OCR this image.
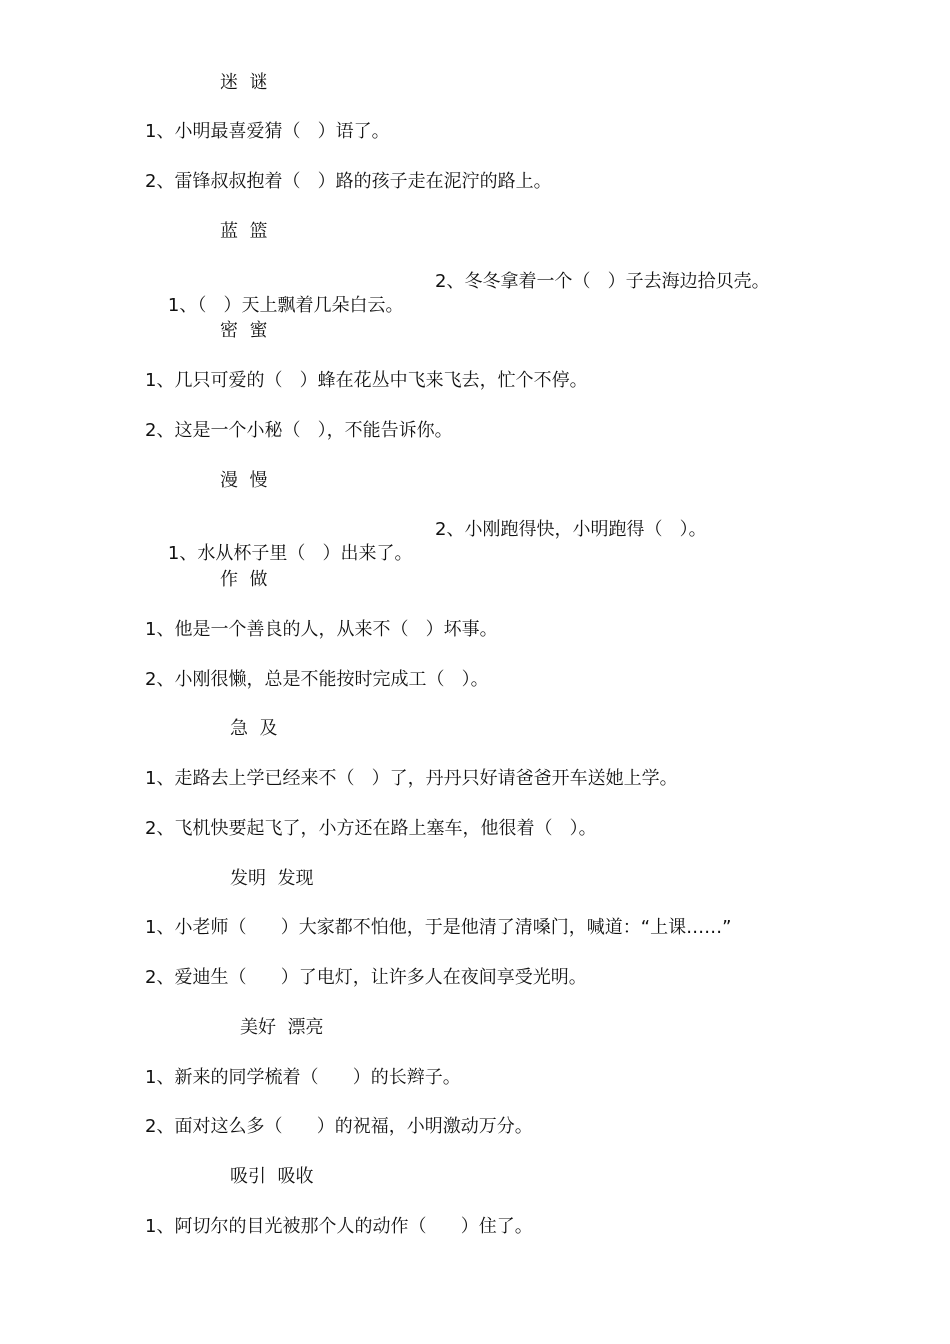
迷  谜
1、小明最喜爱猜（   ）语了。
2、雷锋叔叔抱着（   ）路的孩子走在泥泞的路上。
蓝  篮

1、（   ）天上飘着几朵白云。

2、冬冬拿着一个（   ）子去海边拾贝壳。

密  蜜
1、几只可爱的（   ）蜂在花丛中飞来飞去，忙个不停。
2、这是一个小秘（   ），不能告诉你。
漫  慢

1、水从杯子里（   ）出来了。

2、小刚跑得快，小明跑得（   ）。

作  做
1、他是一个善良的人，从来不（   ）坏事。
2、小刚很懒，总是不能按时完成工（   ）。
急  及
1、走路去上学已经来不（   ）了，丹丹只好请爸爸开车送她上学。
2、飞机快要起飞了，小方还在路上塞车，他很着（   ）。
发明  发现
1、小老师（      ）大家都不怕他，于是他清了清嗓门，喊道：“上课……”
2、爱迪生（      ）了电灯，让许多人在夜间享受光明。
美好  漂亮
1、新来的同学梳着（      ）的长辫子。
2、面对这么多（      ）的祝福，小明激动万分。
吸引  吸收
1、阿切尔的目光被那个人的动作（      ）住了。
